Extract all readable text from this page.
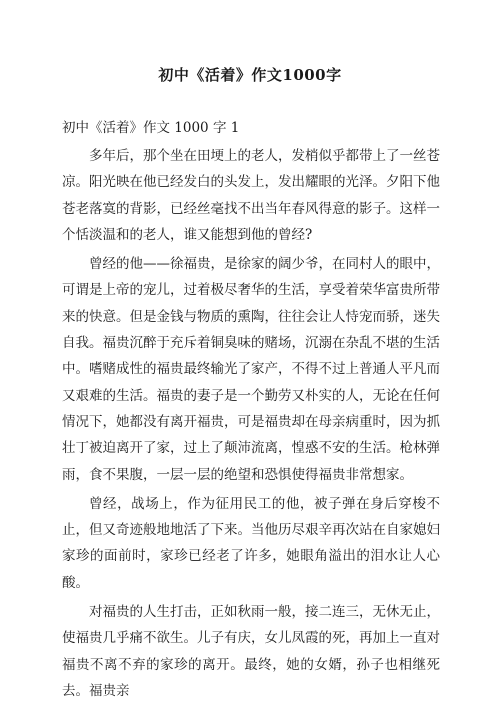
初中《活着》作文1000字
初中《活着》作文 1000 字 1

多年后，那个坐在田埂上的老人，发梢似乎都带上了一丝苍凉。阳光映在他已经发白的头发上，发出耀眼的光泽。夕阳下他苍老落寞的背影，已经丝毫找不出当年春风得意的影子。这样一个恬淡温和的老人，谁又能想到他的曾经?

曾经的他——徐福贵，是徐家的阔少爷，在同村人的眼中，可谓是上帝的宠儿，过着极尽奢华的生活，享受着荣华富贵所带来的快意。但是金钱与物质的熏陶，往往会让人恃宠而骄，迷失自我。福贵沉醉于充斥着铜臭味的赌场，沉溺在杂乱不堪的生活中。嗜赌成性的福贵最终输光了家产，不得不过上普通人平凡而又艰难的生活。福贵的妻子是一个勤劳又朴实的人，无论在任何情况下，她都没有离开福贵，可是福贵却在母亲病重时，因为抓壮丁被迫离开了家，过上了颠沛流离，惶惑不安的生活。枪林弹雨，食不果腹，一层一层的绝望和恐惧使得福贵非常想家。

曾经，战场上，作为征用民工的他，被子弹在身后穿梭不止，但又奇迹般地地活了下来。当他历尽艰辛再次站在自家媳妇家珍的面前时，家珍已经老了许多，她眼角溢出的泪水让人心酸。

对福贵的人生打击，正如秋雨一般，接二连三，无休无止，使福贵几乎痛不欲生。儿子有庆，女儿凤霞的死，再加上一直对福贵不离不弃的家珍的离开。最终，她的女婿，孙子也相继死去。福贵亲
